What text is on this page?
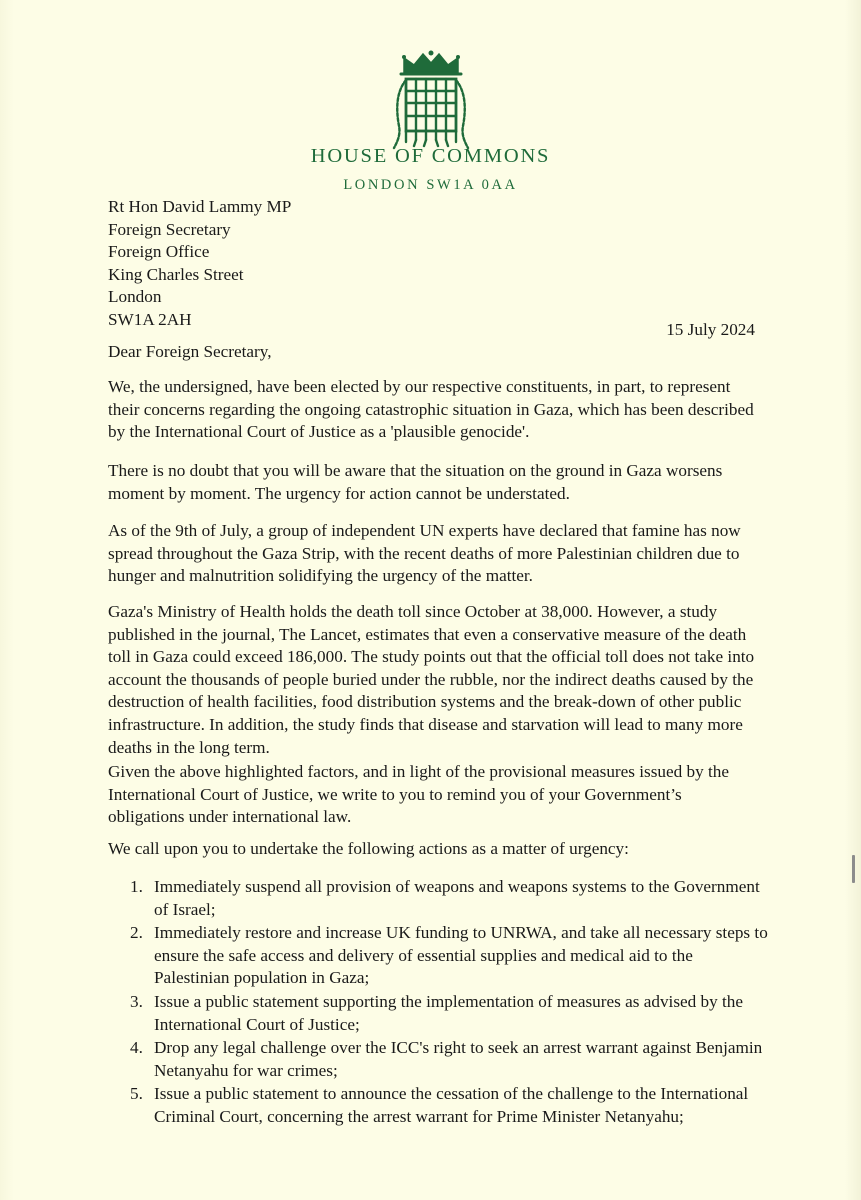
HOUSE OF COMMONS
LONDON SW1A 0AA
Rt Hon David Lammy MP
Foreign Secretary
Foreign Office
King Charles Street
London
SW1A 2AH
15 July 2024
Dear Foreign Secretary,

We, the undersigned, have been elected by our respective constituents, in part, to represent their concerns regarding the ongoing catastrophic situation in Gaza, which has been described by the International Court of Justice as a 'plausible genocide'.

There is no doubt that you will be aware that the situation on the ground in Gaza worsens moment by moment. The urgency for action cannot be understated.

As of the 9th of July, a group of independent UN experts have declared that famine has now spread throughout the Gaza Strip, with the recent deaths of more Palestinian children due to hunger and malnutrition solidifying the urgency of the matter.

Gaza's Ministry of Health holds the death toll since October at 38,000. However, a study published in the journal, The Lancet, estimates that even a conservative measure of the death toll in Gaza could exceed 186,000. The study points out that the official toll does not take into account the thousands of people buried under the rubble, nor the indirect deaths caused by the destruction of health facilities, food distribution systems and the break-down of other public infrastructure. In addition, the study finds that disease and starvation will lead to many more deaths in the long term.

Given the above highlighted factors, and in light of the provisional measures issued by the International Court of Justice, we write to you to remind you of your Government’s obligations under international law.

We call upon you to undertake the following actions as a matter of urgency:

1. Immediately suspend all provision of weapons and weapons systems to the Government of Israel;
2. Immediately restore and increase UK funding to UNRWA, and take all necessary steps to ensure the safe access and delivery of essential supplies and medical aid to the Palestinian population in Gaza;
3. Issue a public statement supporting the implementation of measures as advised by the International Court of Justice;
4. Drop any legal challenge over the ICC's right to seek an arrest warrant against Benjamin Netanyahu for war crimes;
5. Issue a public statement to announce the cessation of the challenge to the International Criminal Court, concerning the arrest warrant for Prime Minister Netanyahu;
